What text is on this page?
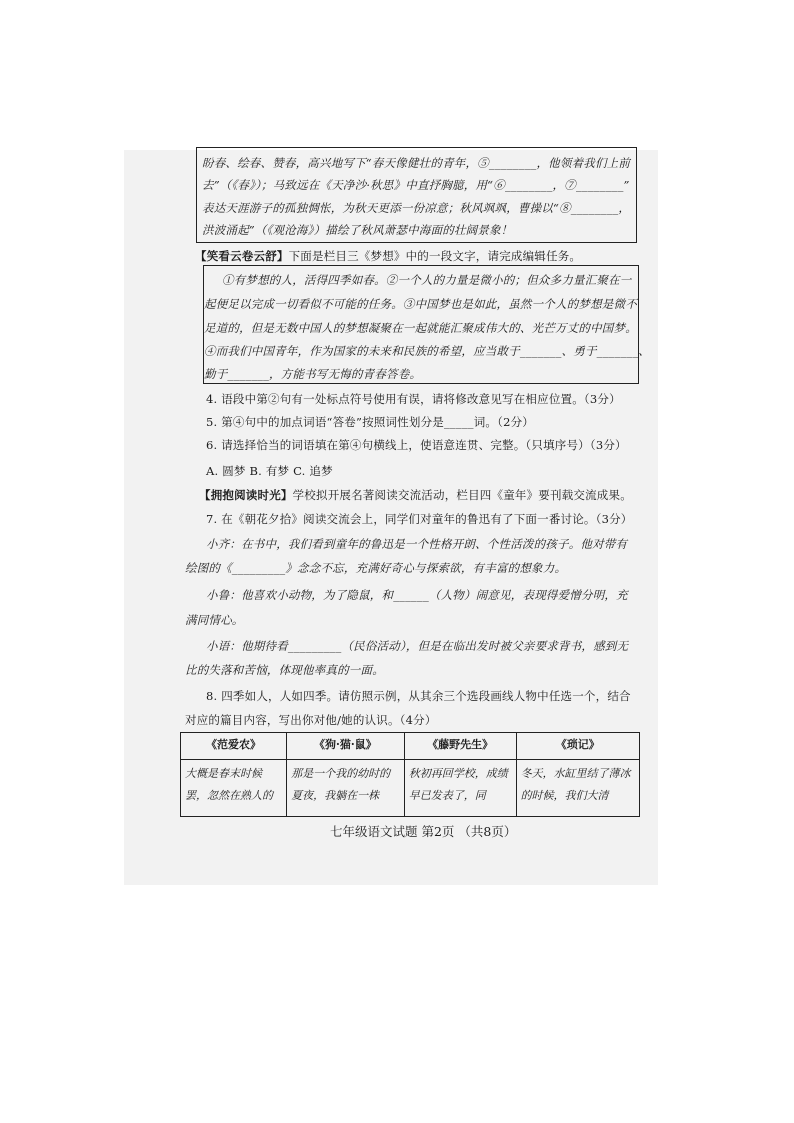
盼春、绘春、赞春，高兴地写下“春天像健壮的青年，⑤________，他领着我们上前
去”（《春》）；马致远在《天净沙·秋思》中直抒胸臆，用“⑥________，⑦________”
表达天涯游子的孤独惆怅，为秋天更添一份凉意；秋风飒飒，曹操以“⑧________，
洪波涌起”（《观沧海》）描绘了秋风萧瑟中海面的壮阔景象！
【笑看云卷云舒】下面是栏目三《梦想》中的一段文字，请完成编辑任务。
①有梦想的人，活得四季如春。②一个人的力量是微小的；但众多力量汇聚在一
起便足以完成一切看似不可能的任务。③中国梦也是如此，虽然一个人的梦想是微不
足道的，但是无数中国人的梦想凝聚在一起就能汇聚成伟大的、光芒万丈的中国梦。
④而我们中国青年，作为国家的未来和民族的希望，应当敢于_______、勇于_______、
勤于_______，方能书写无悔的青春答卷。
4. 语段中第②句有一处标点符号使用有误，请将修改意见写在相应位置。（3分）
5. 第④句中的加点词语“答卷”按照词性划分是_____词。（2分）
6. 请选择恰当的词语填在第④句横线上，使语意连贯、完整。（只填序号）（3分）
A. 圆梦 B. 有梦 C. 追梦
【拥抱阅读时光】学校拟开展名著阅读交流活动，栏目四《童年》要刊载交流成果。
7. 在《朝花夕拾》阅读交流会上，同学们对童年的鲁迅有了下面一番讨论。（3分）
小齐：在书中，我们看到童年的鲁迅是一个性格开朗、个性活泼的孩子。他对带有
绘图的《_________》念念不忘，充满好奇心与探索欲，有丰富的想象力。
小鲁：他喜欢小动物，为了隐鼠，和______（人物）闹意见，表现得爱憎分明，充
满同情心。
小语：他期待看_________（民俗活动），但是在临出发时被父亲要求背书，感到无
比的失落和苦恼，体现他率真的一面。
8. 四季如人，人如四季。请仿照示例，从其余三个选段画线人物中任选一个，结合
对应的篇目内容，写出你对他/她的认识。（4分）
《范爱农》	《狗·猫·鼠》	《藤野先生》	《琐记》
大概是春末时候罢，忽然在熟人的	那是一个我的幼时的夏夜，我躺在一株	秋初再回学校，成绩早已发表了，同	冬天，水缸里结了薄冰的时候，我们大清
七年级语文试题 第2页 （共8页）
